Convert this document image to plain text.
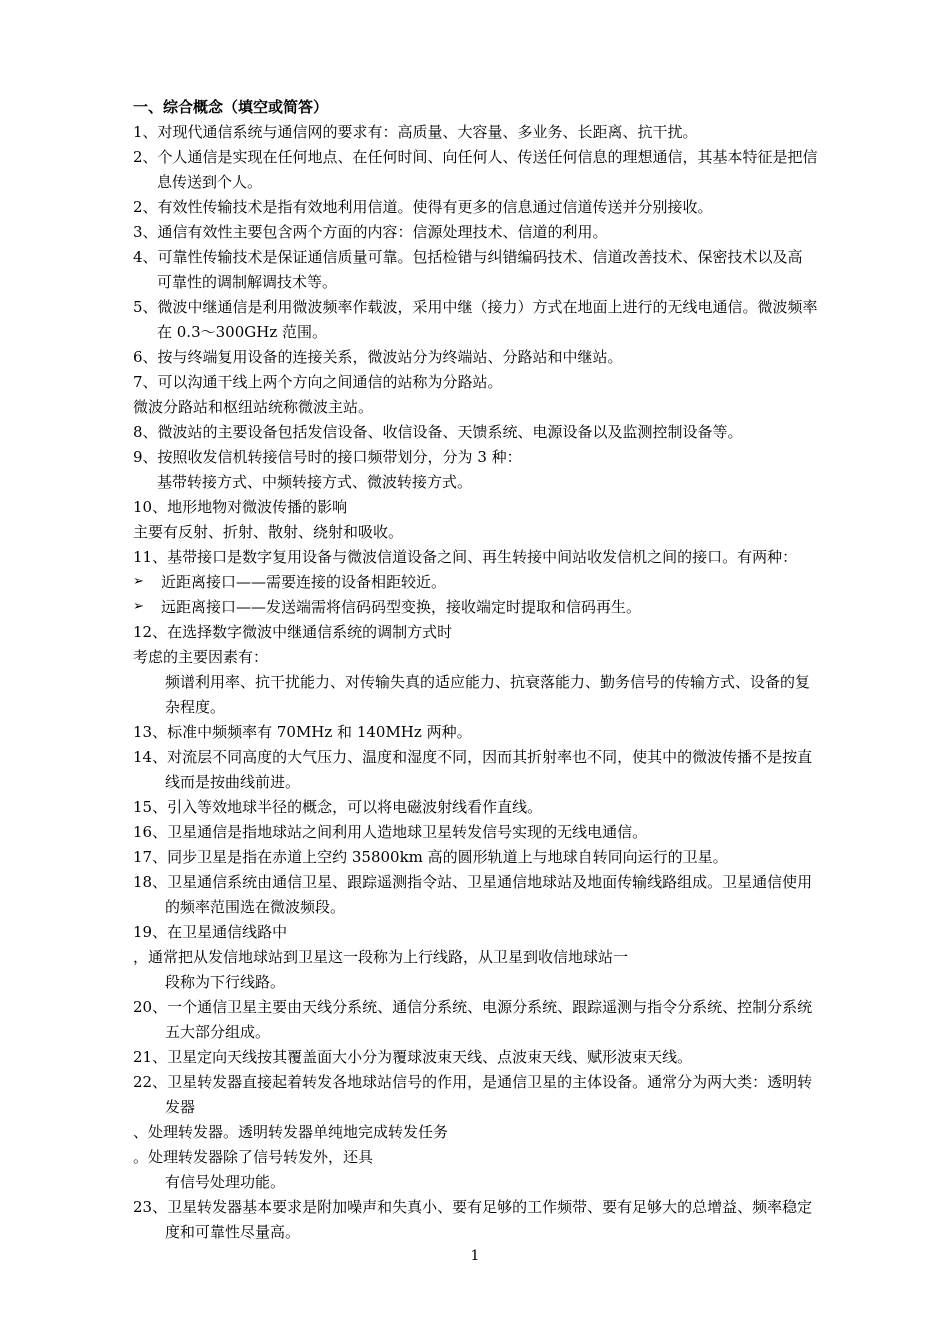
一、综合概念（填空或简答）
1、对现代通信系统与通信网的要求有：高质量、大容量、多业务、长距离、抗干扰。
2、个人通信是实现在任何地点、在任何时间、向任何人、传送任何信息的理想通信，其基本特征是把信
息传送到个人。
2、有效性传输技术是指有效地利用信道。使得有更多的信息通过信道传送并分别接收。
3、通信有效性主要包含两个方面的内容：信源处理技术、信道的利用。
4、可靠性传输技术是保证通信质量可靠。包括检错与纠错编码技术、信道改善技术、保密技术以及高
可靠性的调制解调技术等。
5、微波中继通信是利用微波频率作载波，采用中继（接力）方式在地面上进行的无线电通信。微波频率
在 0.3～300GHz 范围。
6、按与终端复用设备的连接关系，微波站分为终端站、分路站和中继站。
7、可以沟通干线上两个方向之间通信的站称为分路站。
微波分路站和枢纽站统称微波主站。
8、微波站的主要设备包括发信设备、收信设备、天馈系统、电源设备以及监测控制设备等。
9、按照收发信机转接信号时的接口频带划分，分为 3 种：
基带转接方式、中频转接方式、微波转接方式。
10、地形地物对微波传播的影响
主要有反射、折射、散射、绕射和吸收。
11、基带接口是数字复用设备与微波信道设备之间、再生转接中间站收发信机之间的接口。有两种：
➢ 近距离接口——需要连接的设备相距较近。
➢ 远距离接口——发送端需将信码码型变换，接收端定时提取和信码再生。
12、在选择数字微波中继通信系统的调制方式时
考虑的主要因素有：
频谱利用率、抗干扰能力、对传输失真的适应能力、抗衰落能力、勤务信号的传输方式、设备的复
杂程度。
13、标准中频频率有 70MHz 和 140MHz 两种。
14、对流层不同高度的大气压力、温度和湿度不同，因而其折射率也不同，使其中的微波传播不是按直
线而是按曲线前进。
15、引入等效地球半径的概念，可以将电磁波射线看作直线。
16、卫星通信是指地球站之间利用人造地球卫星转发信号实现的无线电通信。
17、同步卫星是指在赤道上空约 35800km 高的圆形轨道上与地球自转同向运行的卫星。
18、卫星通信系统由通信卫星、跟踪遥测指令站、卫星通信地球站及地面传输线路组成。卫星通信使用
的频率范围选在微波频段。
19、在卫星通信线路中
，通常把从发信地球站到卫星这一段称为上行线路，从卫星到收信地球站一
段称为下行线路。
20、一个通信卫星主要由天线分系统、通信分系统、电源分系统、跟踪遥测与指令分系统、控制分系统
五大部分组成。
21、卫星定向天线按其覆盖面大小分为覆球波束天线、点波束天线、赋形波束天线。
22、卫星转发器直接起着转发各地球站信号的作用，是通信卫星的主体设备。通常分为两大类：透明转
发器
、处理转发器。透明转发器单纯地完成转发任务
。处理转发器除了信号转发外，还具
有信号处理功能。
23、卫星转发器基本要求是附加噪声和失真小、要有足够的工作频带、要有足够大的总增益、频率稳定
度和可靠性尽量高。
1
